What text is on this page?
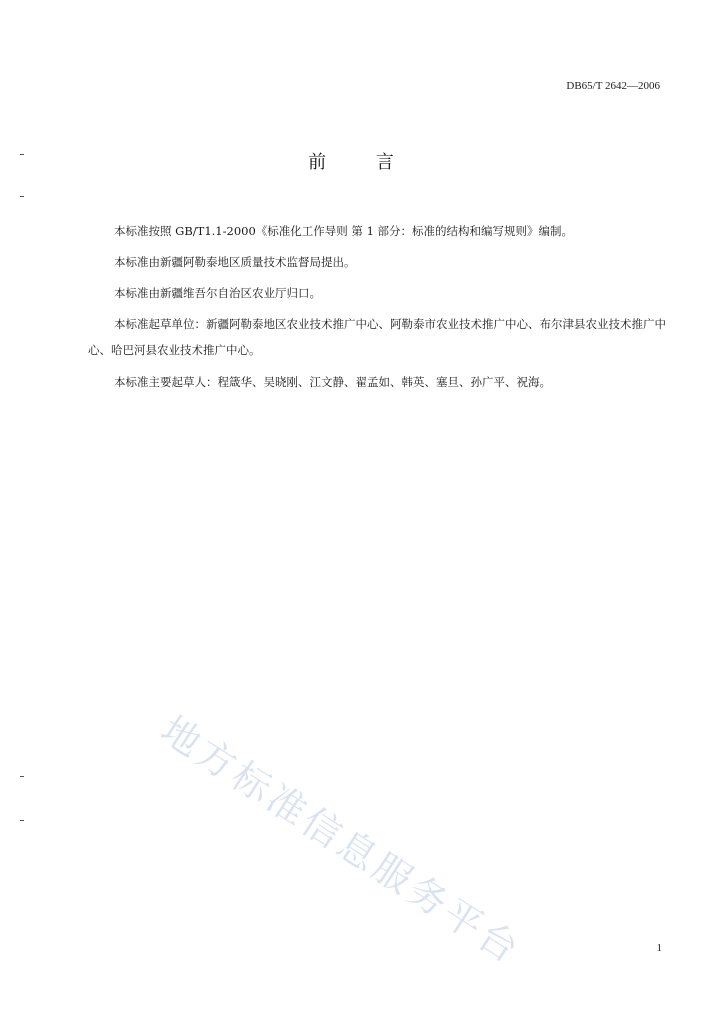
DB65/T 2642—2006
前 言

本标准按照 GB/T1.1-2000《标准化工作导则 第 1 部分：标准的结构和编写规则》编制。

本标准由新疆阿勒泰地区质量技术监督局提出。

本标准由新疆维吾尔自治区农业厅归口。

本标准起草单位：新疆阿勒泰地区农业技术推广中心、阿勒泰市农业技术推广中心、布尔津县农业技术推广中心、哈巴河县农业技术推广中心。

本标准主要起草人：程箴华、吴晓刚、江文静、翟孟如、韩英、塞旦、孙广平、祝海。

地方标准信息服务平台	1
